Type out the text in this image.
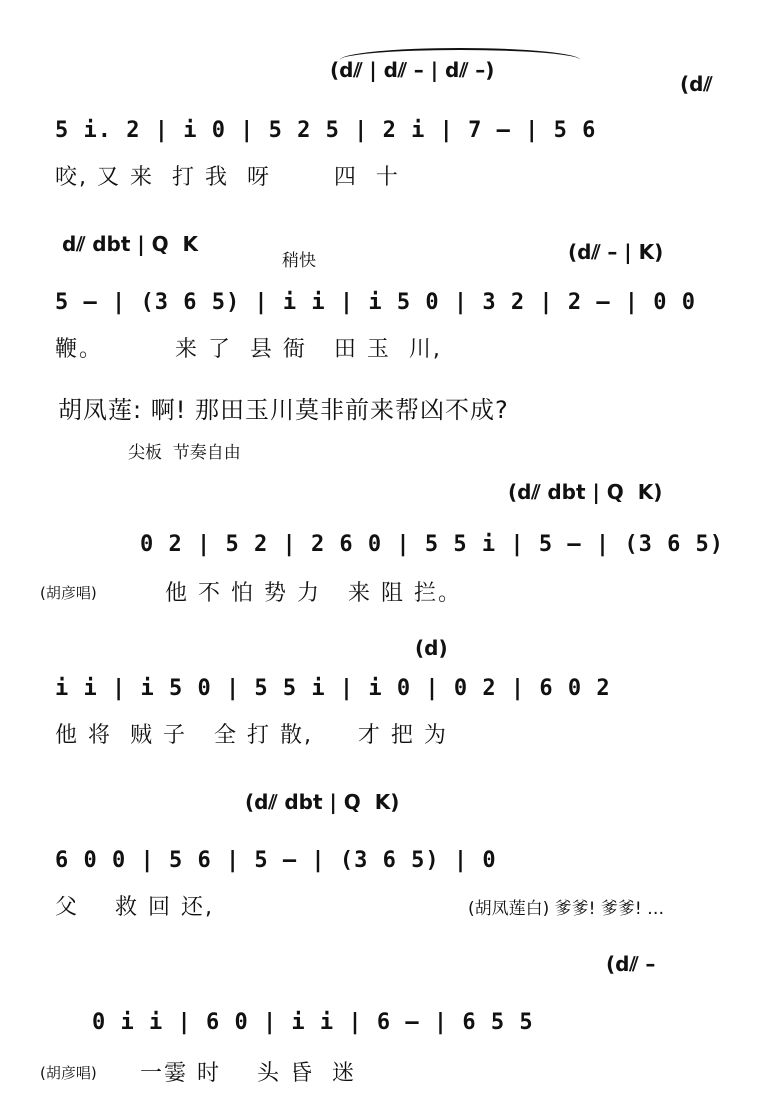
(d⫽ | d⫽ – | d⫽ –)
(d⫽
5 i. 2 | i 0 | 5 2 5 | 2 i | 7 – | 5 6
咬, 又 来  打 我  呀       四  十
d⫽ dbt | Q  K
稍快	(d⫽ – | K)
5 – | (3 6 5) | i i | i 5 0 | 3 2 | 2 – | 0 0
鞭。        来 了  县 衙   田 玉  川,
胡凤莲: 啊! 那田玉川莫非前来帮凶不成?
尖板  节奏自由
(d⫽ dbt | Q  K)
0 2 | 5 2 | 2 6 0 | 5 5 i | 5 – | (3 6 5)
(胡彦唱)	他 不 怕 势 力   来 阻 拦。
(d)
i i | i 5 0 | 5 5 i | i 0 | 0 2 | 6 0 2
他 将  贼 子   全 打 散,     才 把 为
(d⫽ dbt | Q  K)
6 0 0 | 5 6 | 5 – | (3 6 5) | 0
父    救 回 还,	(胡凤莲白) 爹爹! 爹爹! …
(d⫽ –
0 i i | 6 0 | i i | 6 – | 6 5 5
(胡彦唱) 一霎 时    头 昏  迷
